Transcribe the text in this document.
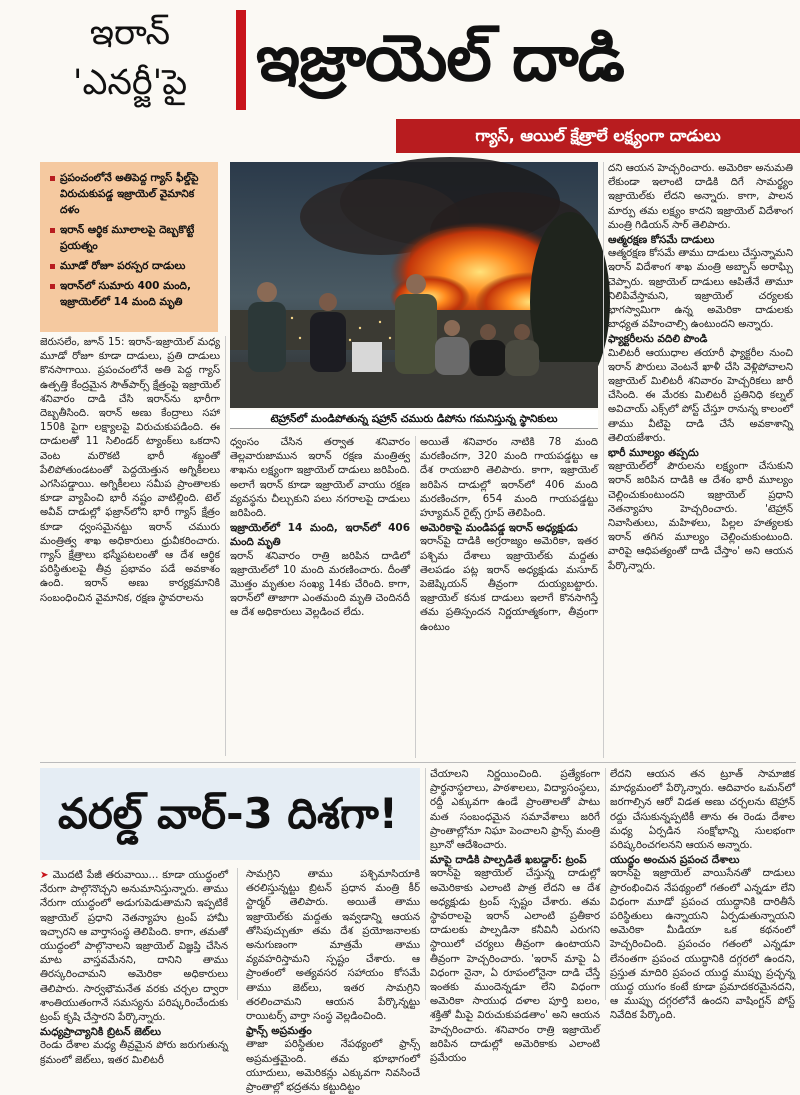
ఇరాన్
'ఎనర్జీ'పై	ఇజ్రాయెల్ దాడి
గ్యాస్, ఆయిల్ క్షేత్రాలే లక్ష్యంగా దాడులు
ప్రపంచంలోనే అతిపెద్ద గ్యాస్ ఫీల్డ్‌పై విరుచుకుపడ్డ ఇజ్రాయెల్ వైమానిక దళం
ఇరాన్ ఆర్థిక మూలాలపై దెబ్బకొట్టే ప్రయత్నం
మూడో రోజూ పరస్పర దాడులు
ఇరాన్‌లో సుమారు 400 మంది, ఇజ్రాయెల్‌లో 14 మంది మృతి
టెహ్రాన్‌లో మండిపోతున్న షహ్రాన్ చమురు డిపోను గమనిస్తున్న స్థానికులు
జెరుసలేం, జూన్ 15: ఇరాన్-ఇజ్రాయెల్ మధ్య మూడో రోజూ కూడా దాడులు, ప్రతి దాడులు కొనసాగాయి. ప్రపంచంలోనే అతి పెద్ద గ్యాస్ ఉత్పత్తి కేంద్రమైన సౌత్‌పార్స్ క్షేత్రంపై ఇజ్రాయెల్ శనివారం దాడి చేసి ఇరాన్‌ను భారీగా దెబ్బతీసింది. ఇరాన్ అణు కేంద్రాలు సహా 150కి పైగా లక్ష్యాలపై విరుచుకుపడింది. ఈ దాడులతో 11 సిలిండర్ ట్యాంక్‌లు ఒకదాని వెంట మరొకటి భారీ శబ్దంతో పేలిపోతుండటంతో పెద్దయెత్తున అగ్నికీలలు ఎగసిపడ్డాయి. అగ్నికీలలు సమీప ప్రాంతాలకు కూడా వ్యాపించి భారీ నష్టం వాటిల్లింది. టెల్ అవీవ్ దాడుల్లో ఫజ్రాన్‌లోని భారీ గ్యాస్ క్షేత్రం కూడా ధ్వంసమైనట్టు ఇరాన్ చమురు మంత్రిత్వ శాఖ అధికారులు ధ్రువీకరించారు. గ్యాస్ క్షేత్రాలు భస్మీపటలంతో ఆ దేశ ఆర్థిక పరిస్థితులపై తీవ్ర ప్రభావం పడే అవకాశం ఉంది. ఇరాన్ అణు కార్యక్రమానికి సంబంధించిన వైమానిక, రక్షణ స్థావరాలను
ధ్వంసం చేసిన తర్వాత శనివారం తెల్లవారుజామున ఇరాన్ రక్షణ మంత్రిత్వ శాఖను లక్ష్యంగా ఇజ్రాయెల్ దాడులు జరిపింది. అలాగే ఇరాన్ కూడా ఇజ్రాయెల్ వాయు రక్షణ వ్యవస్థను చీల్చుకుని పలు నగరాలపై దాడులు జరిపింది.
ఇజ్రాయెల్‌లో 14 మంది, ఇరాన్‌లో 406 మంది మృతి
ఇరాన్ శనివారం రాత్రి జరిపిన దాడిలో ఇజ్రాయెల్‌లో 10 మంది మరణించారు. దీంతో మొత్తం మృతుల సంఖ్య 14కు చేరింది. కాగా, ఇరాన్‌లో తాజాగా ఎంతమంది మృతి చెందినదీ ఆ దేశ అధికారులు వెల్లడించ లేదు.
అయితే శనివారం నాటికి 78 మంది మరణించగా, 320 మంది గాయపడ్డట్టు ఆ దేశ రాయబారి తెలిపారు. కాగా, ఇజ్రాయెల్ జరిపిన దాడుల్లో ఇరాన్‌లో 406 మంది మరణించగా, 654 మంది గాయపడ్డట్టు హ్యూమన్ రైట్స్ గ్రూప్ తెలిపింది.
అమెరికాపై మండిపడ్డ ఇరాన్ అధ్యక్షుడు
ఇరాన్‌పై దాడికి అగ్రరాజ్యం అమెరికా, ఇతర పశ్చిమ దేశాలు ఇజ్రాయెల్‌కు మద్దతు తెలపడం పట్ల ఇరాన్ అధ్యక్షుడు మసూద్ పెజెష్కియన్ తీవ్రంగా దుయ్యబట్టారు. ఇజ్రాయెల్ కనుక దాడులు ఇలాగే కొనసాగిస్తే తమ ప్రతిస్పందన నిర్ణయాత్మకంగా, తీవ్రంగా ఉంటుం
దని ఆయన హెచ్చరించారు. అమెరికా అనుమతి లేకుండా ఇలాంటి దాడికి దిగే సామర్థ్యం ఇజ్రాయెల్‌కు లేదని అన్నారు. కాగా, పాలన మార్పు తమ లక్ష్యం కాదని ఇజ్రాయెల్ విదేశాంగ మంత్రి గిడియన్ సార్ తెలిపారు.
ఆత్మరక్షణ కోసమే దాడులు
ఆత్మరక్షణ కోసమే తాము దాడులు చేస్తున్నామని ఇరాన్ విదేశాంగ శాఖ మంత్రి అబ్బాస్ అరాఘ్చి చెప్పారు. ఇజ్రాయెల్ దాడులు ఆపితేనే తామూ నిలిపివేస్తామని, ఇజ్రాయెల్ చర్యలకు భాగస్వామిగా ఉన్న అమెరికా దాడులకు బాధ్యత వహించాల్సి ఉంటుందని అన్నారు.
ఫ్యాక్టరీలను వదిలి పొండి
మిలిటరీ ఆయుధాల తయారీ ఫ్యాక్టరీల నుంచి ఇరాన్ పౌరులు వెంటనే ఖాళీ చేసి వెళ్లిపోవాలని ఇజ్రాయెల్ మిలిటరీ శనివారం హెచ్చరికలు జారీ చేసింది. ఈ మేరకు మిలిటరీ ప్రతినిధి కల్నల్ అవిచాయ్ ఎక్స్‌లో పోస్ట్ చేస్తూ రానున్న కాలంలో తాము వీటిపై దాడి చేసే అవకాశాన్ని తెలియజేశారు.
భారీ మూల్యం తప్పదు
ఇజ్రాయెల్‌లో పౌరులను లక్ష్యంగా చేసుకుని ఇరాన్ జరిపిన దాడికి ఆ దేశం భారీ మూల్యం చెల్లించుకుంటుందని ఇజ్రాయెల్ ప్రధాని నెతన్యాహు హెచ్చరించారు. 'టెహ్రాన్ నివాసితులు, మహిళలు, పిల్లల హత్యలకు ఇరాన్ తగిన మూల్యం చెల్లించుకుంటుంది. వారిపై ఆధిపత్యంతో దాడి చేస్తాం' అని ఆయన పేర్కొన్నారు.
వరల్డ్ వార్-3 దిశగా!
➤ మొదటి పేజీ తరువాయి... కూడా యుద్ధంలో నేరుగా పాల్గొనొచ్చని అనుమానిస్తున్నారు. తాము నేరుగా యుద్ధంలో అడుగుపెడుతామని ఇప్పటికే ఇజ్రాయెల్ ప్రధాని నెతన్యాహు ట్రంప్ హామీ ఇచ్చారని ఆ వార్తాసంస్థ తెలిపింది. కాగా, తమతో యుద్ధంలో పాల్గొనాలని ఇజ్రాయెల్ విజ్ఞప్తి చేసిన మాట వాస్తవమేనని, దానిని తాము తిరస్కరించామని అమెరికా అధికారులు తెలిపారు. సార్వభౌమనేత వరకు చర్చల ద్వారా శాంతియుతంగానే సమస్యను పరిష్కరించేందుకు ట్రంప్ కృషి చేస్తారని పేర్కొన్నారు.
మధ్యప్రాచ్యానికి బ్రిటన్ జెట్‌లు
రెండు దేశాల మధ్య తీవ్రమైన పోరు జరుగుతున్న క్రమంలో జెట్‌లు, ఇతర మిలిటరీ
సామగ్రిని తాము పశ్చిమాసియాకి తరలిస్తున్నట్టు బ్రిటన్ ప్రధాన మంత్రి కీర్ స్టార్మర్ తెలిపారు. అయితే తాము ఇజ్రాయెల్‌కు మద్దతు ఇవ్వడాన్ని ఆయన తోసిపుచ్చుతూ తమ దేశ ప్రయోజనాలకు అనుగుణంగా మాత్రమే తాము వ్యవహరిస్తామని స్పష్టం చేశారు. ఆ ప్రాంతంలో అత్యవసర సహాయం కోసమే తాము జెట్‌లు, ఇతర సామగ్రిని తరలించామని ఆయన పేర్కొన్నట్టు రాయిటర్స్ వార్తా సంస్థ వెల్లడించింది.
ఫ్రాన్స్ అప్రమత్తం
తాజా పరిస్థితుల నేపథ్యంలో ఫ్రాన్స్ అప్రమత్తమైంది. తమ భూభాగంలో యూదులు, అమెరికన్లు ఎక్కువగా నివసించే ప్రాంతాల్లో భద్రతను కట్టుదిట్టం
చేయాలని నిర్ణయించింది. ప్రత్యేకంగా ప్రార్థనాస్థలాలు, పాఠశాలలు, విద్యాసంస్థలు, రద్దీ ఎక్కువగా ఉండే ప్రాంతాలతో పాటు మత సంబంధమైన సమావేశాలు జరిగే ప్రాంతాల్లోనూ నిఘా పెంచాలని ఫ్రాన్స్ మంత్రి బ్రూనో ఆదేశించారు.
మాపై దాడికి పాల్పడితే ఖబడ్దార్: ట్రంప్
ఇరాన్‌పై ఇజ్రాయెల్ చేస్తున్న దాడుల్లో అమెరికాకు ఎలాంటి పాత్ర లేదని ఆ దేశ అధ్యక్షుడు ట్రంప్ స్పష్టం చేశారు. తమ స్థావరాలపై ఇరాన్ ఎలాంటి ప్రతీకార దాడులకు పాల్పడినా కనీవినీ ఎరుగని స్థాయిలో చర్యలు తీవ్రంగా ఉంటాయని తీవ్రంగా హెచ్చరించారు. 'ఇరాన్ మాపై ఏ విధంగా నైనా, ఏ రూపంలోనైనా దాడి చేస్తే ఇంతకు ముందెన్నడూ లేని విధంగా అమెరికా సాయుధ దళాల పూర్తి బలం, శక్తితో మీపై విరుచుకుపడతాం' అని ఆయన హెచ్చరించారు. శనివారం రాత్రి ఇజ్రాయెల్ జరిపిన దాడుల్లో అమెరికాకు ఎలాంటి ప్రమేయం
లేదని ఆయన తన ట్రూత్ సామాజిక మాధ్యమంలో పేర్కొన్నారు. ఆదివారం ఒమన్‌లో జరగాల్సిన ఆరో విడత అణు చర్చలను టెహ్రాన్ రద్దు చేసుకున్నప్పటికీ తాను ఈ రెండు దేశాల మధ్య ఏర్పడిన సంక్షోభాన్ని సులభంగా పరిష్కరించగలనని ఆయన అన్నారు.
యుద్ధం అంచున ప్రపంచ దేశాలు
ఇరాన్‌పై ఇజ్రాయెల్ వాయిసేనతో దాడులు ప్రారంభించిన నేపథ్యంలో గతంలో ఎన్నడూ లేని విధంగా మూడో ప్రపంచ యుద్ధానికి దారితీసే పరిస్థితులు ఉన్నాయని ఏర్పడుతున్నాయని అమెరికా మీడియా ఒక కథనంలో హెచ్చరించింది. ప్రపంచం గతంలో ఎన్నడూ లేనంతగా ప్రపంచ యుద్ధానికి దగ్గరలో ఉందని, ప్రస్తుత మాదిరి ప్రపంచ యుద్ధ ముప్పు ప్రచ్ఛన్న యుద్ధ యుగం కంటే కూడా ప్రమాదకరమైనదని, ఆ ముప్పు దగ్గరలోనే ఉందని వాషింగ్టన్ పోస్ట్ నివేదిక పేర్కొంది.
